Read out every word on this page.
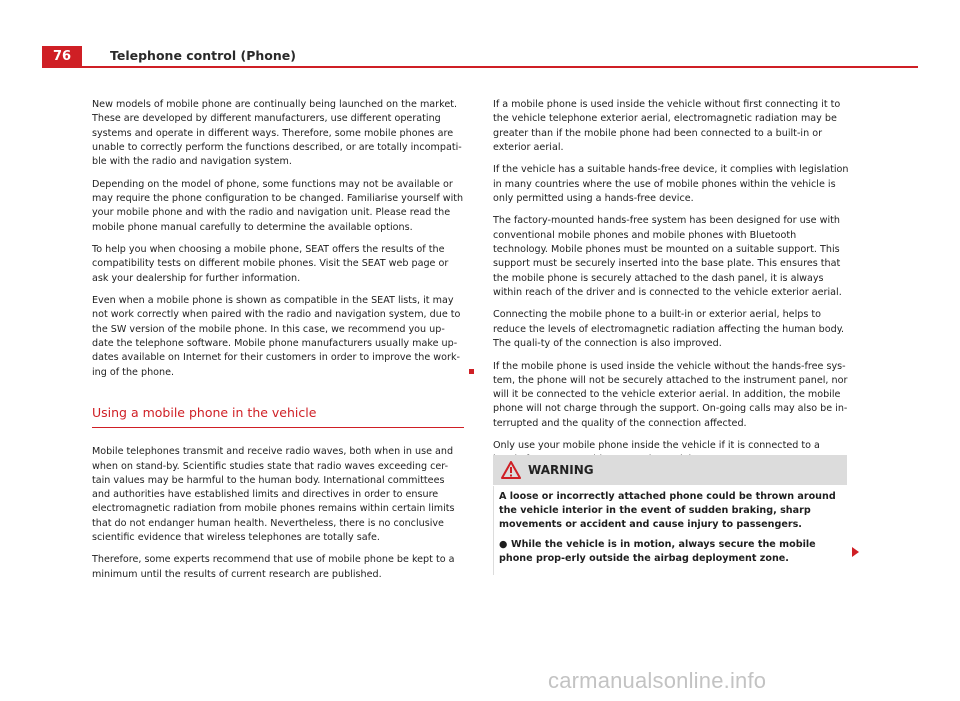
76	Telephone control (Phone)

New models of mobile phone are continually being launched on the market. These are developed by different manufacturers, use different operating systems and operate in different ways. Therefore, some mobile phones are unable to correctly perform the functions described, or are totally incompati-ble with the radio and navigation system.

Depending on the model of phone, some functions may not be available or may require the phone configuration to be changed. Familiarise yourself with your mobile phone and with the radio and navigation unit. Please read the mobile phone manual carefully to determine the available options.

To help you when choosing a mobile phone, SEAT offers the results of the compatibility tests on different mobile phones. Visit the SEAT web page or ask your dealership for further information.

Even when a mobile phone is shown as compatible in the SEAT lists, it may not work correctly when paired with the radio and navigation system, due to the SW version of the mobile phone. In this case, we recommend you up-date the telephone software. Mobile phone manufacturers usually make up-dates available on Internet for their customers in order to improve the work-ing of the phone.

Using a mobile phone in the vehicle

Mobile telephones transmit and receive radio waves, both when in use and when on stand-by. Scientific studies state that radio waves exceeding cer-tain values may be harmful to the human body. International committees and authorities have established limits and directives in order to ensure electromagnetic radiation from mobile phones remains within certain limits that do not endanger human health. Nevertheless, there is no conclusive scientific evidence that wireless telephones are totally safe.

Therefore, some experts recommend that use of mobile phone be kept to a minimum until the results of current research are published.

If a mobile phone is used inside the vehicle without first connecting it to the vehicle telephone exterior aerial, electromagnetic radiation may be greater than if the mobile phone had been connected to a built-in or exterior aerial.

If the vehicle has a suitable hands-free device, it complies with legislation in many countries where the use of mobile phones within the vehicle is only permitted using a hands-free device.

The factory-mounted hands-free system has been designed for use with conventional mobile phones and mobile phones with Bluetooth technology. Mobile phones must be mounted on a suitable support. This support must be securely inserted into the base plate. This ensures that the mobile phone is securely attached to the dash panel, it is always within reach of the driver and is connected to the vehicle exterior aerial.

Connecting the mobile phone to a built-in or exterior aerial, helps to reduce the levels of electromagnetic radiation affecting the human body. The quali-ty of the connection is also improved.

If the mobile phone is used inside the vehicle without the hands-free sys-tem, the phone will not be securely attached to the instrument panel, nor will it be connected to the vehicle exterior aerial. In addition, the mobile phone will not charge through the support. On-going calls may also be in-terrupted and the quality of the connection affected.

Only use your mobile phone inside the vehicle if it is connected to a

WARNING

A loose or incorrectly attached phone could be thrown around the vehicle interior in the event of sudden braking, sharp movements or accident and cause injury to passengers.

● While the vehicle is in motion, always secure the mobile phone prop-erly outside the airbag deployment zone.

carmanualsonline.info
